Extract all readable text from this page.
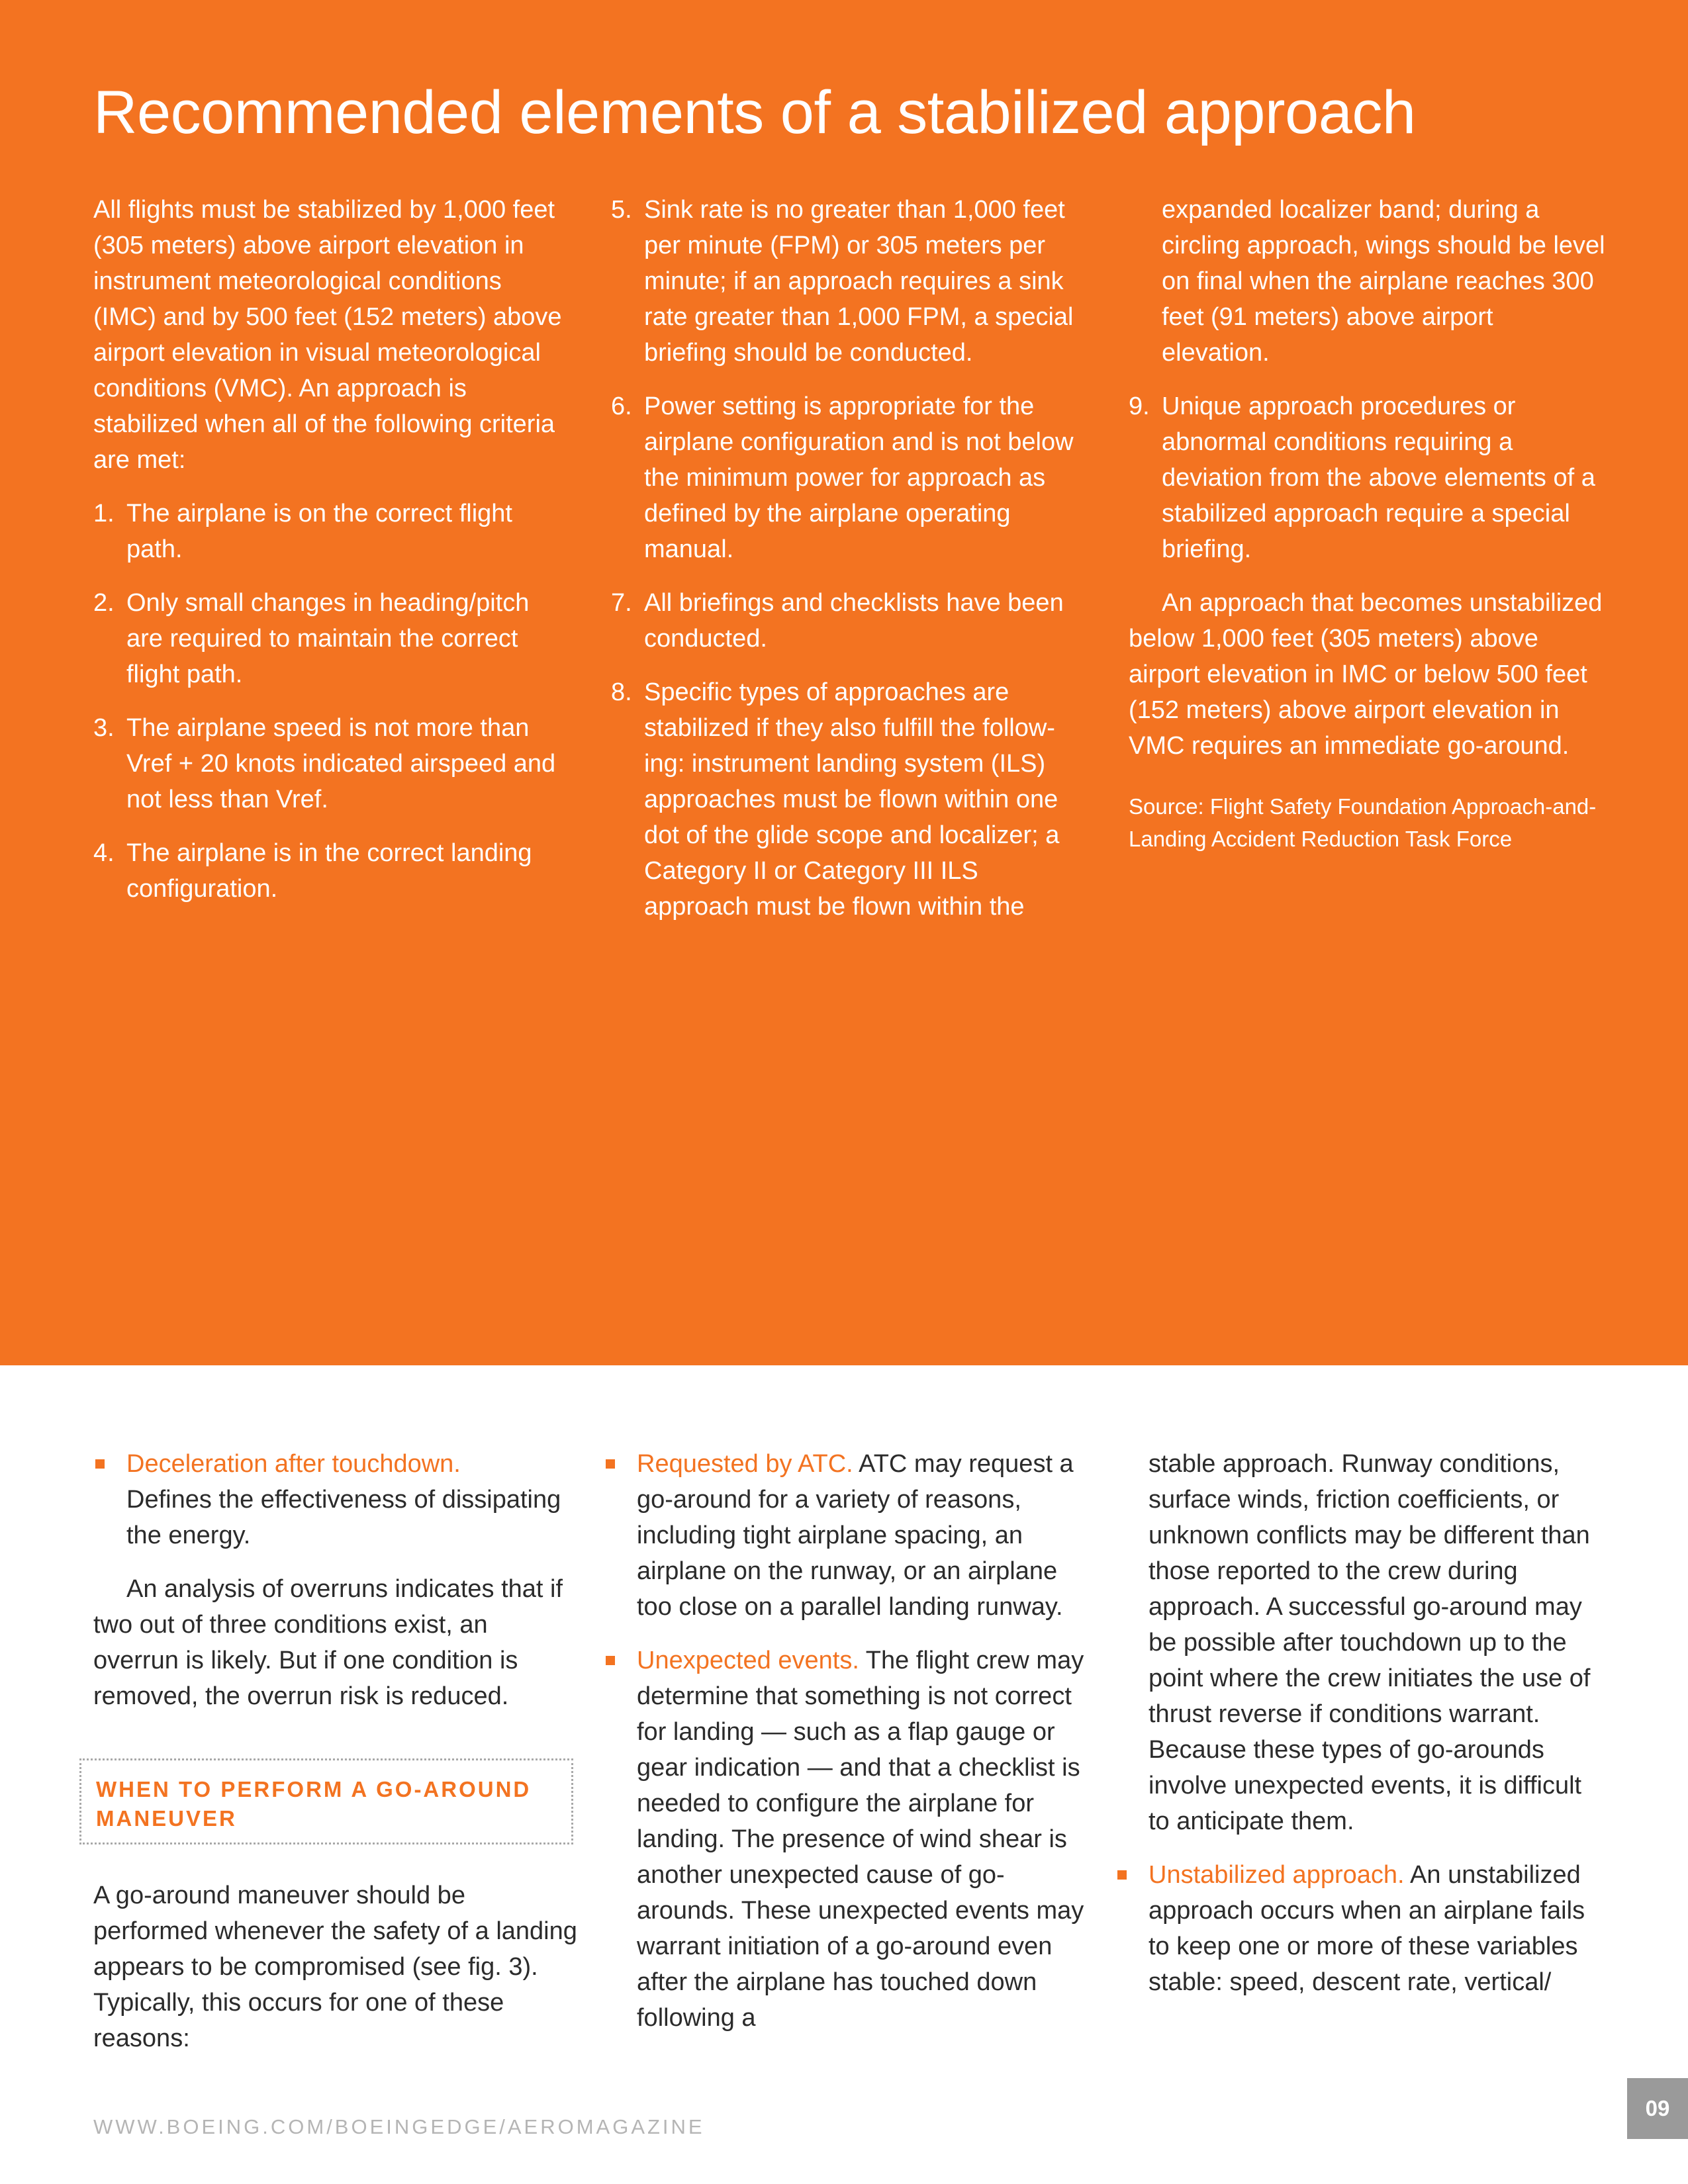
Recommended elements of a stabilized approach

All flights must be stabilized by 1,000 feet (305 meters) above airport elevation in instrument meteorological conditions (IMC) and by 500 feet (152 meters) above airport elevation in visual meteorological conditions (VMC). An approach is stabilized when all of the following criteria are met:

1. The airplane is on the correct flight path.
2. Only small changes in heading/pitch are required to maintain the correct flight path.
3. The airplane speed is not more than Vref + 20 knots indicated airspeed and not less than Vref.
4. The airplane is in the correct landing configuration.
5. Sink rate is no greater than 1,000 feet per minute (FPM) or 305 meters per minute; if an approach requires a sink rate greater than 1,000 FPM, a special briefing should be conducted.
6. Power setting is appropriate for the airplane configuration and is not below the minimum power for approach as defined by the airplane operating manual.
7. All briefings and checklists have been conducted.
8. Specific types of approaches are stabilized if they also fulfill the follow-ing: instrument landing system (ILS) approaches must be flown within one dot of the glide scope and localizer; a Category II or Category III ILS approach must be flown within the

expanded localizer band; during a circling approach, wings should be level on final when the airplane reaches 300 feet (91 meters) above airport elevation.

9. Unique approach procedures or abnormal conditions requiring a deviation from the above elements of a stabilized approach require a special briefing.

An approach that becomes unstabilized below 1,000 feet (305 meters) above airport elevation in IMC or below 500 feet (152 meters) above airport elevation in VMC requires an immediate go-around.

Source: Flight Safety Foundation Approach-and-Landing Accident Reduction Task Force

Deceleration after touchdown.
Defines the effectiveness of dissipating the energy.

An analysis of overruns indicates that if two out of three conditions exist, an overrun is likely. But if one condition is removed, the overrun risk is reduced.

WHEN TO PERFORM A GO-AROUND MANEUVER

A go-around maneuver should be performed whenever the safety of a landing appears to be compromised (see fig. 3). Typically, this occurs for one of these reasons:

Requested by ATC. ATC may request a go-around for a variety of reasons, including tight airplane spacing, an airplane on the runway, or an airplane too close on a parallel landing runway.
Unexpected events. The flight crew may determine that something is not correct for landing — such as a flap gauge or gear indication — and that a checklist is needed to configure the airplane for landing. The presence of wind shear is another unexpected cause of go-arounds. These unexpected events may warrant initiation of a go-around even after the airplane has touched down following a

stable approach. Runway conditions, surface winds, friction coefficients, or unknown conflicts may be different than those reported to the crew during approach. A successful go-around may be possible after touchdown up to the point where the crew initiates the use of thrust reverse if conditions warrant. Because these types of go-arounds involve unexpected events, it is difficult to anticipate them.

Unstabilized approach. An unstabilized approach occurs when an airplane fails to keep one or more of these variables stable: speed, descent rate, vertical/
WWW.BOEING.COM/BOEINGEDGE/AEROMAGAZINE
09
